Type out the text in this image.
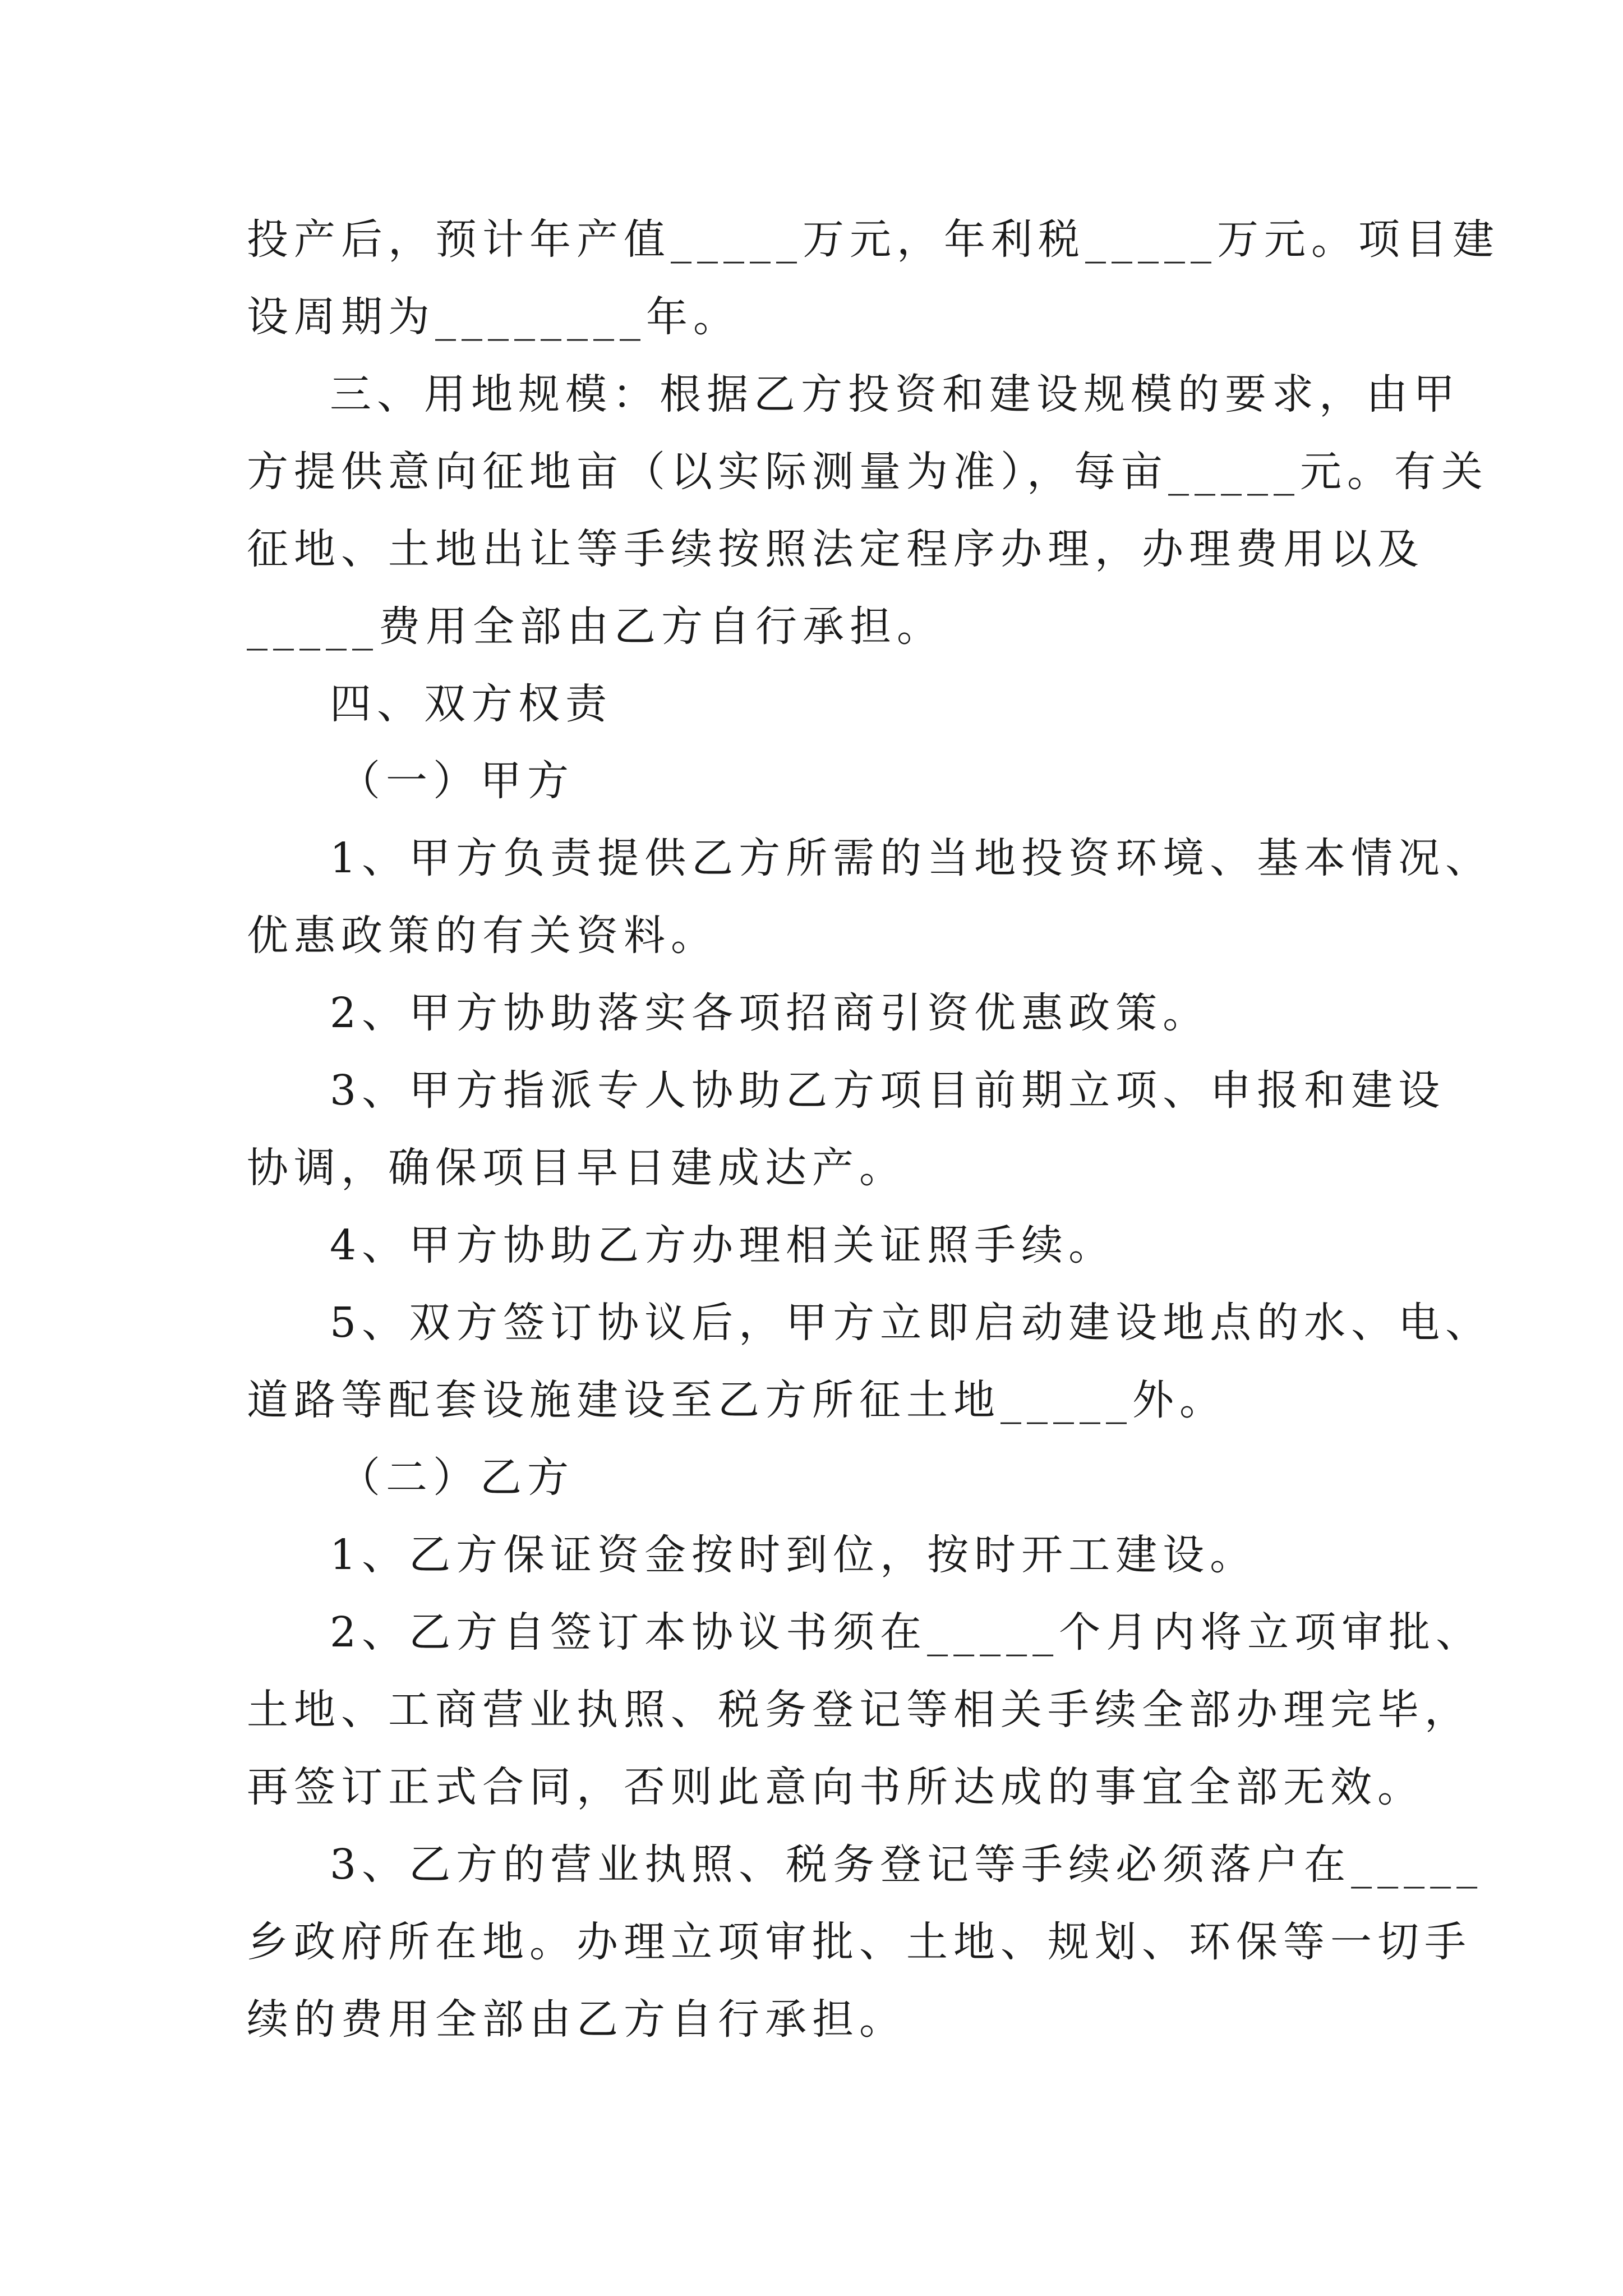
投产后，预计年产值_____万元，年利税_____万元。项目建

设周期为________年。

三、用地规模：根据乙方投资和建设规模的要求，由甲

方提供意向征地亩（以实际测量为准），每亩_____元。有关

征地、土地出让等手续按照法定程序办理，办理费用以及

_____费用全部由乙方自行承担。

四、双方权责

（一）甲方

1、甲方负责提供乙方所需的当地投资环境、基本情况、

优惠政策的有关资料。

2、甲方协助落实各项招商引资优惠政策。

3、甲方指派专人协助乙方项目前期立项、申报和建设

协调，确保项目早日建成达产。

4、甲方协助乙方办理相关证照手续。

5、双方签订协议后，甲方立即启动建设地点的水、电、

道路等配套设施建设至乙方所征土地_____外。

（二）乙方

1、乙方保证资金按时到位，按时开工建设。

2、乙方自签订本协议书须在_____个月内将立项审批、

土地、工商营业执照、税务登记等相关手续全部办理完毕，

再签订正式合同，否则此意向书所达成的事宜全部无效。

3、乙方的营业执照、税务登记等手续必须落户在_____

乡政府所在地。办理立项审批、土地、规划、环保等一切手

续的费用全部由乙方自行承担。
